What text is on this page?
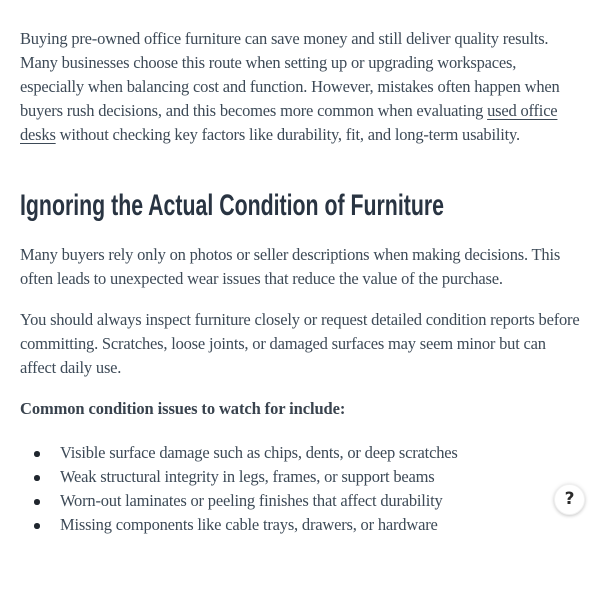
Buying pre-owned office furniture can save money and still deliver quality results. Many businesses choose this route when setting up or upgrading workspaces, especially when balancing cost and function. However, mistakes often happen when buyers rush decisions, and this becomes more common when evaluating used office desks without checking key factors like durability, fit, and long-term usability.

Ignoring the Actual Condition of Furniture

Many buyers rely only on photos or seller descriptions when making decisions. This often leads to unexpected wear issues that reduce the value of the purchase.

You should always inspect furniture closely or request detailed condition reports before committing. Scratches, loose joints, or damaged surfaces may seem minor but can affect daily use.

Common condition issues to watch for include:

Visible surface damage such as chips, dents, or deep scratches
Weak structural integrity in legs, frames, or support beams
Worn-out laminates or peeling finishes that affect durability
Missing components like cable trays, drawers, or hardware
?
